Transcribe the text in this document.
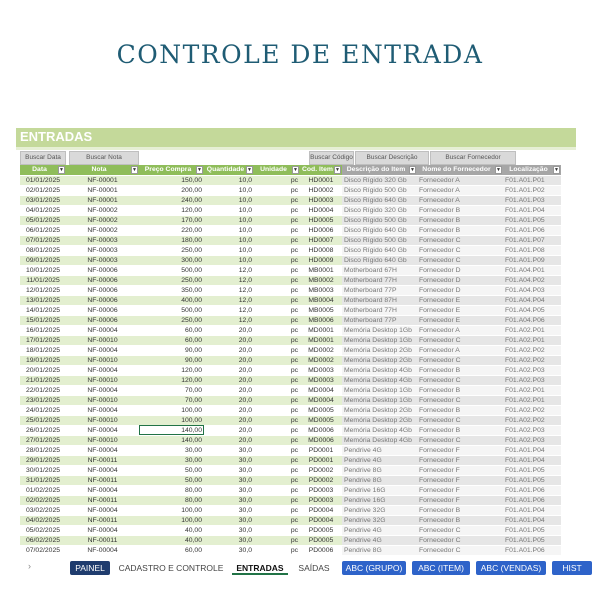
CONTROLE DE ENTRADA
ENTRADAS
Buscar Data	Buscar Nota	Buscar Código	Buscar Descrição	Buscar Fornecedor
Data ▼	Nota ▼	Preço Compra ▼	Quantidade ▼	Unidade ▼	Cod. Item ▼	Descrição do Item ▼	Nome do Fornecedor ▼	Localização ▼

01/01/2025	NF-00001	150,00	10,0	pc	HD0001	Disco Rígido 320 Gb	Fornecedor A	F01.A01.P01
02/01/2025	NF-00001	200,00	10,0	pc	HD0002	Disco Rígido 500 Gb	Fornecedor A	F01.A01.P02
03/01/2025	NF-00001	240,00	10,0	pc	HD0003	Disco Rígido 640 Gb	Fornecedor A	F01.A01.P03
04/01/2025	NF-00002	120,00	10,0	pc	HD0004	Disco Rígido 320 Gb	Fornecedor B	F01.A01.P04
05/01/2025	NF-00002	170,00	10,0	pc	HD0005	Disco Rígido 500 Gb	Fornecedor B	F01.A01.P05
06/01/2025	NF-00002	220,00	10,0	pc	HD0006	Disco Rígido 640 Gb	Fornecedor B	F01.A01.P06
07/01/2025	NF-00003	180,00	10,0	pc	HD0007	Disco Rígido 500 Gb	Fornecedor C	F01.A01.P07
08/01/2025	NF-00003	250,00	10,0	pc	HD0008	Disco Rígido 640 Gb	Fornecedor C	F01.A01.P08
09/01/2025	NF-00003	300,00	10,0	pc	HD0009	Disco Rígido 640 Gb	Fornecedor C	F01.A01.P09
10/01/2025	NF-00006	500,00	12,0	pc	MB0001	Motherboard 67H	Fornecedor D	F01.A04.P01
11/01/2025	NF-00006	250,00	12,0	pc	MB0002	Motherboard 77H	Fornecedor D	F01.A04.P02
12/01/2025	NF-00006	350,00	12,0	pc	MB0003	Motherboard 77P	Fornecedor D	F01.A04.P03
13/01/2025	NF-00006	400,00	12,0	pc	MB0004	Motherboard 87H	Fornecedor E	F01.A04.P04
14/01/2025	NF-00006	500,00	12,0	pc	MB0005	Motherboard 77H	Fornecedor E	F01.A04.P05
15/01/2025	NF-00006	250,00	12,0	pc	MB0006	Motherboard 77P	Fornecedor E	F01.A04.P06
16/01/2025	NF-00004	60,00	20,0	pc	MD0001	Memória Desktop 1Gb	Fornecedor A	F01.A02.P01
17/01/2025	NF-00010	60,00	20,0	pc	MD0001	Memória Desktop 1Gb	Fornecedor C	F01.A02.P01
18/01/2025	NF-00004	90,00	20,0	pc	MD0002	Memória Desktop 2Gb	Fornecedor A	F01.A02.P02
19/01/2025	NF-00010	90,00	20,0	pc	MD0002	Memória Desktop 2Gb	Fornecedor C	F01.A02.P02
20/01/2025	NF-00004	120,00	20,0	pc	MD0003	Memória Desktop 4Gb	Fornecedor B	F01.A02.P03
21/01/2025	NF-00010	120,00	20,0	pc	MD0003	Memória Desktop 4Gb	Fornecedor C	F01.A02.P03
22/01/2025	NF-00004	70,00	20,0	pc	MD0004	Memória Desktop 1Gb	Fornecedor B	F01.A02.P01
23/01/2025	NF-00010	70,00	20,0	pc	MD0004	Memória Desktop 1Gb	Fornecedor C	F01.A02.P01
24/01/2025	NF-00004	100,00	20,0	pc	MD0005	Memória Desktop 2Gb	Fornecedor B	F01.A02.P02
25/01/2025	NF-00010	100,00	20,0	pc	MD0005	Memória Desktop 2Gb	Fornecedor C	F01.A02.P02
26/01/2025	NF-00004	140,00	20,0	pc	MD0006	Memória Desktop 4Gb	Fornecedor B	F01.A02.P03
27/01/2025	NF-00010	140,00	20,0	pc	MD0006	Memória Desktop 4Gb	Fornecedor C	F01.A02.P03
28/01/2025	NF-00004	30,00	30,0	pc	PD0001	Pendrive 4G	Fornecedor F	F01.A01.P04
29/01/2025	NF-00011	30,00	30,0	pc	PD0001	Pendrive 4G	Fornecedor F	F01.A01.P04
30/01/2025	NF-00004	50,00	30,0	pc	PD0002	Pendrive 8G	Fornecedor F	F01.A01.P05
31/01/2025	NF-00011	50,00	30,0	pc	PD0002	Pendrive 8G	Fornecedor F	F01.A01.P05
01/02/2025	NF-00004	80,00	30,0	pc	PD0003	Pendrive 16G	Fornecedor F	F01.A01.P06
02/02/2025	NF-00011	80,00	30,0	pc	PD0003	Pendrive 16G	Fornecedor F	F01.A01.P06
03/02/2025	NF-00004	100,00	30,0	pc	PD0004	Pendrive 32G	Fornecedor B	F01.A01.P04
04/02/2025	NF-00011	100,00	30,0	pc	PD0004	Pendrive 32G	Fornecedor B	F01.A01.P04
05/02/2025	NF-00004	40,00	30,0	pc	PD0005	Pendrive 4G	Fornecedor C	F01.A01.P05
06/02/2025	NF-00011	40,00	30,0	pc	PD0005	Pendrive 4G	Fornecedor C	F01.A01.P05
07/02/2025	NF-00004	60,00	30,0	pc	PD0006	Pendrive 8G	Fornecedor C	F01.A01.P06
›	PAINEL	CADASTRO E CONTROLE	ENTRADAS	SAÍDAS	ABC (GRUPO)	ABC (ITEM)	ABC (VENDAS)	HIST
